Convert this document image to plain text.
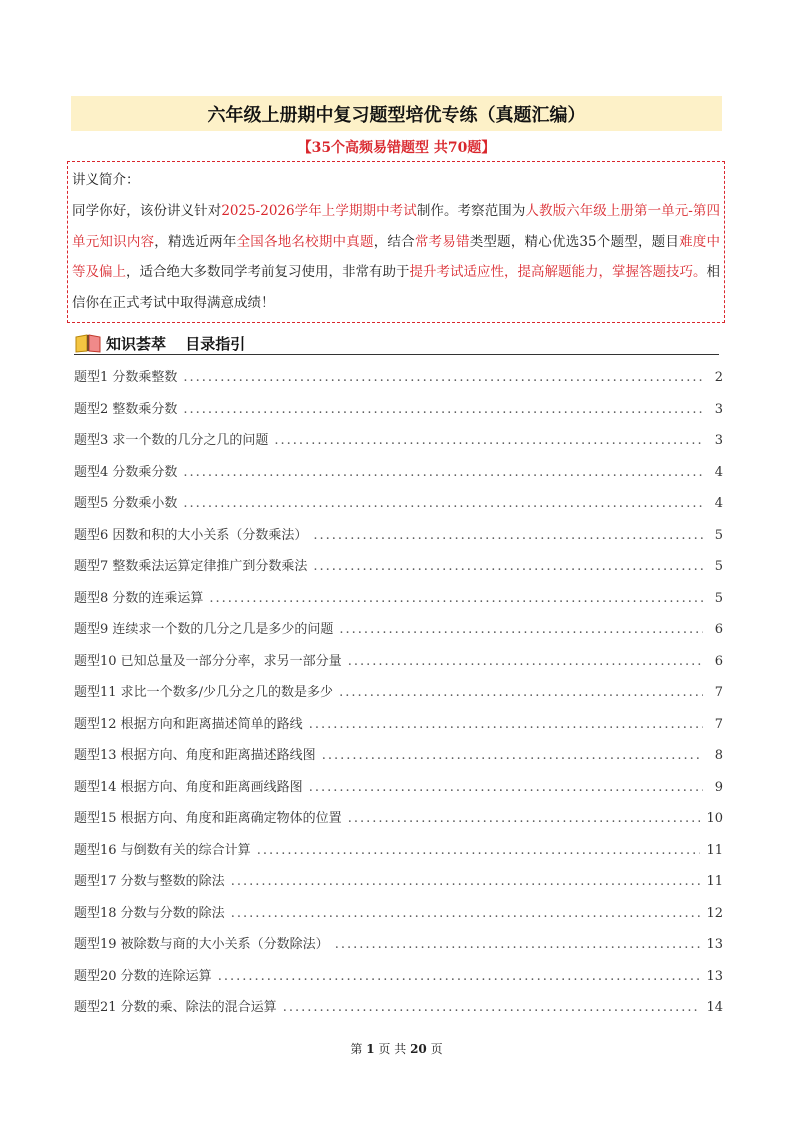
六年级上册期中复习题型培优专练（真题汇编）
【35个高频易错题型 共70题】
讲义简介：
同学你好，该份讲义针对2025-2026学年上学期期中考试制作。考察范围为人教版六年级上册第一单元-第四单元知识内容，精选近两年全国各地名校期中真题，结合常考易错类型题，精心优选35个题型，题目难度中等及偏上，适合绝大多数同学考前复习使用，非常有助于提升考试适应性，提高解题能力，掌握答题技巧。相信你在正式考试中取得满意成绩！
知识荟萃 目录指引
题型1 分数乘整数 .....	2
题型2 整数乘分数 .....	3
题型3 求一个数的几分之几的问题 .....	3
题型4 分数乘分数 .....	4
题型5 分数乘小数 .....	4
题型6 因数和积的大小关系（分数乘法） .....	5
题型7 整数乘法运算定律推广到分数乘法 .....	5
题型8 分数的连乘运算 .....	5
题型9 连续求一个数的几分之几是多少的问题 .....	6
题型10 已知总量及一部分分率，求另一部分量 .....	6
题型11 求比一个数多/少几分之几的数是多少 .....	7
题型12 根据方向和距离描述简单的路线 .....	7
题型13 根据方向、角度和距离描述路线图 .....	8
题型14 根据方向、角度和距离画线路图 .....	9
题型15 根据方向、角度和距离确定物体的位置 .....	10
题型16 与倒数有关的综合计算 .....	11
题型17 分数与整数的除法 .....	11
题型18 分数与分数的除法 .....	12
题型19 被除数与商的大小关系（分数除法） .....	13
题型20 分数的连除运算 .....	13
题型21 分数的乘、除法的混合运算 .....	14
第 1 页 共 20 页
